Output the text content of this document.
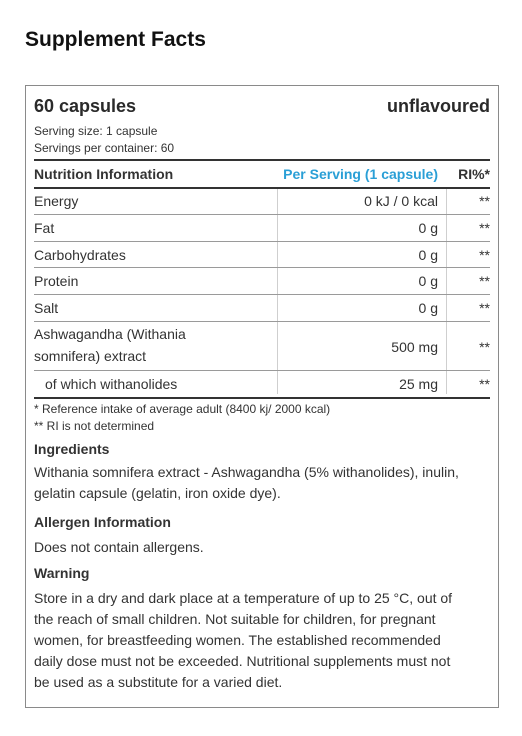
Supplement Facts
60 capsules	unflavoured
Serving size: 1 capsule
Servings per container: 60
Nutrition Information	Per Serving (1 capsule) RI%*
Energy	0 kJ / 0 kcal	**
Fat	0 g	**
Carbohydrates	0 g	**
Protein	0 g	**
Salt	0 g	**
Ashwagandha (Withania
somnifera) extract
500 mg	**
of which withanolides	25 mg	**
* Reference intake of average adult (8400 kj/ 2000 kcal)
** RI is not determined
Ingredients
Withania somnifera extract - Ashwagandha (5% withanolides), inulin,
gelatin capsule (gelatin, iron oxide dye).
Allergen Information
Does not contain allergens.
Warning
Store in a dry and dark place at a temperature of up to 25 °C, out of
the reach of small children. Not suitable for children, for pregnant
women, for breastfeeding women. The established recommended
daily dose must not be exceeded. Nutritional supplements must not
be used as a substitute for a varied diet.
